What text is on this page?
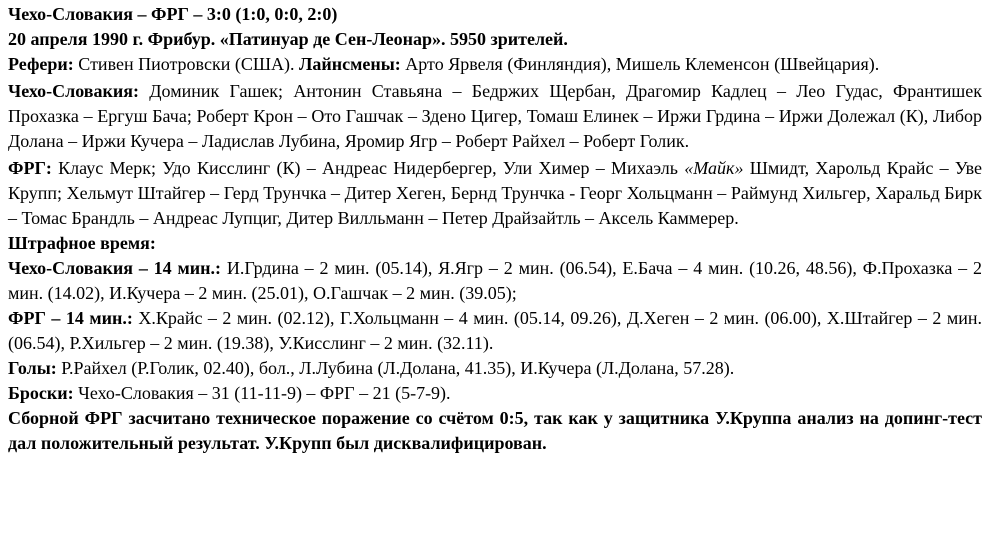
Чехо-Словакия – ФРГ – 3:0 (1:0, 0:0, 2:0)

20 апреля 1990 г. Фрибур. «Патинуар де Сен-Леонар». 5950 зрителей.

Рефери: Стивен Пиотровски (США). Лайнсмены: Арто Ярвеля (Финляндия), Мишель Клеменсон (Швейцария).

Чехо-Словакия: Доминик Гашек; Антонин Ставьяна – Бедржих Щербан, Драгомир Кадлец – Лео Гудас, Франтишек Прохазка – Ергуш Бача; Роберт Крон – Ото Гашчак – Здено Цигер, Томаш Елинек – Иржи Грдина – Иржи Долежал (К), Либор Долана – Иржи Кучера – Ладислав Лубина, Яромир Ягр – Роберт Райхел – Роберт Голик.

ФРГ: Клаус Мерк; Удо Кисслинг (К) – Андреас Нидербергер, Ули Химер – Михаэль «Майк» Шмидт, Харольд Крайс – Уве Крупп; Хельмут Штайгер – Герд Трунчка – Дитер Хеген, Бернд Трунчка - Георг Хольцманн – Раймунд Хильгер, Харальд Бирк – Томас Брандль – Андреас Лупциг, Дитер Вилльманн – Петер Драйзайтль – Аксель Каммерер.

Штрафное время:

Чехо-Словакия – 14 мин.: И.Грдина – 2 мин. (05.14), Я.Ягр – 2 мин. (06.54), Е.Бача – 4 мин. (10.26, 48.56), Ф.Прохазка – 2 мин. (14.02), И.Кучера – 2 мин. (25.01), О.Гашчак – 2 мин. (39.05);

ФРГ – 14 мин.: Х.Крайс – 2 мин. (02.12), Г.Хольцманн – 4 мин. (05.14, 09.26), Д.Хеген – 2 мин. (06.00), Х.Штайгер – 2 мин. (06.54), Р.Хильгер – 2 мин. (19.38), У.Кисслинг – 2 мин. (32.11).

Голы: Р.Райхел (Р.Голик, 02.40), бол., Л.Лубина (Л.Долана, 41.35), И.Кучера (Л.Долана, 57.28).

Броски: Чехо-Словакия – 31 (11-11-9) – ФРГ – 21 (5-7-9).

Сборной ФРГ засчитано техническое поражение со счётом 0:5, так как у защитника У.Круппа анализ на допинг-тест дал положительный результат. У.Крупп был дисквалифицирован.
